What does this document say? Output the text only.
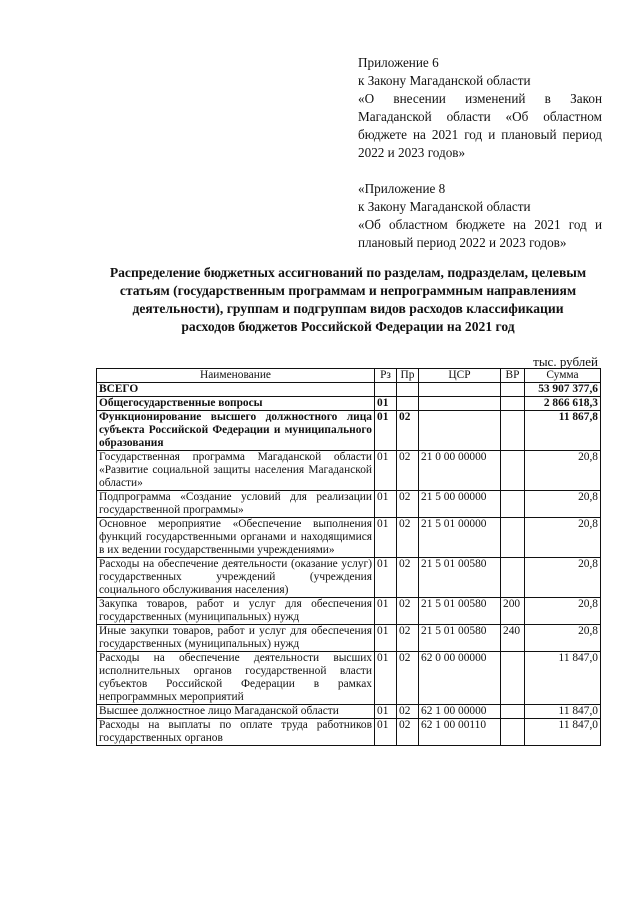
Приложение 6

к Закону Магаданской области

«О внесении изменений в Закон Магаданской области «Об областном бюджете на 2021 год и плановый период 2022 и 2023 годов»

«Приложение 8

к Закону Магаданской области

«Об областном бюджете на 2021 год и плановый период 2022 и 2023 годов»

Распределение бюджетных ассигнований по разделам, подразделам, целевым статьям (государственным программам и непрограммным направлениям деятельности), группам и подгруппам видов расходов классификации расходов бюджетов Российской Федерации на 2021 год
тыс. рублей
Наименование	Рз	Пр	ЦСР	ВР	Сумма
ВСЕГО					53 907 377,6
Общегосударственные вопросы	01				2 866 618,3
Функционирование высшего должностного лица субъекта Российской Федерации и муниципального образования	01	02			11 867,8
Государственная программа Магаданской области «Развитие социальной защиты населения Магаданской области»	01	02	21 0 00 00000		20,8
Подпрограмма «Создание условий для реализации государственной программы»	01	02	21 5 00 00000		20,8
Основное мероприятие «Обеспечение выполнения функций государственными органами и находящимися в их ведении государственными учреждениями»	01	02	21 5 01 00000		20,8
Расходы на обеспечение деятельности (оказание услуг) государственных учреждений (учреждения социального обслуживания населения)	01	02	21 5 01 00580		20,8
Закупка товаров, работ и услуг для обеспечения государственных (муниципальных) нужд	01	02	21 5 01 00580	200	20,8
Иные закупки товаров, работ и услуг для обеспечения государственных (муниципальных) нужд	01	02	21 5 01 00580	240	20,8
Расходы на обеспечение деятельности высших исполнительных органов государственной власти субъектов Российской Федерации в рамках непрограммных мероприятий	01	02	62 0 00 00000		11 847,0
Высшее должностное лицо Магаданской области	01	02	62 1 00 00000		11 847,0
Расходы на выплаты по оплате труда работников государственных органов	01	02	62 1 00 00110		11 847,0
